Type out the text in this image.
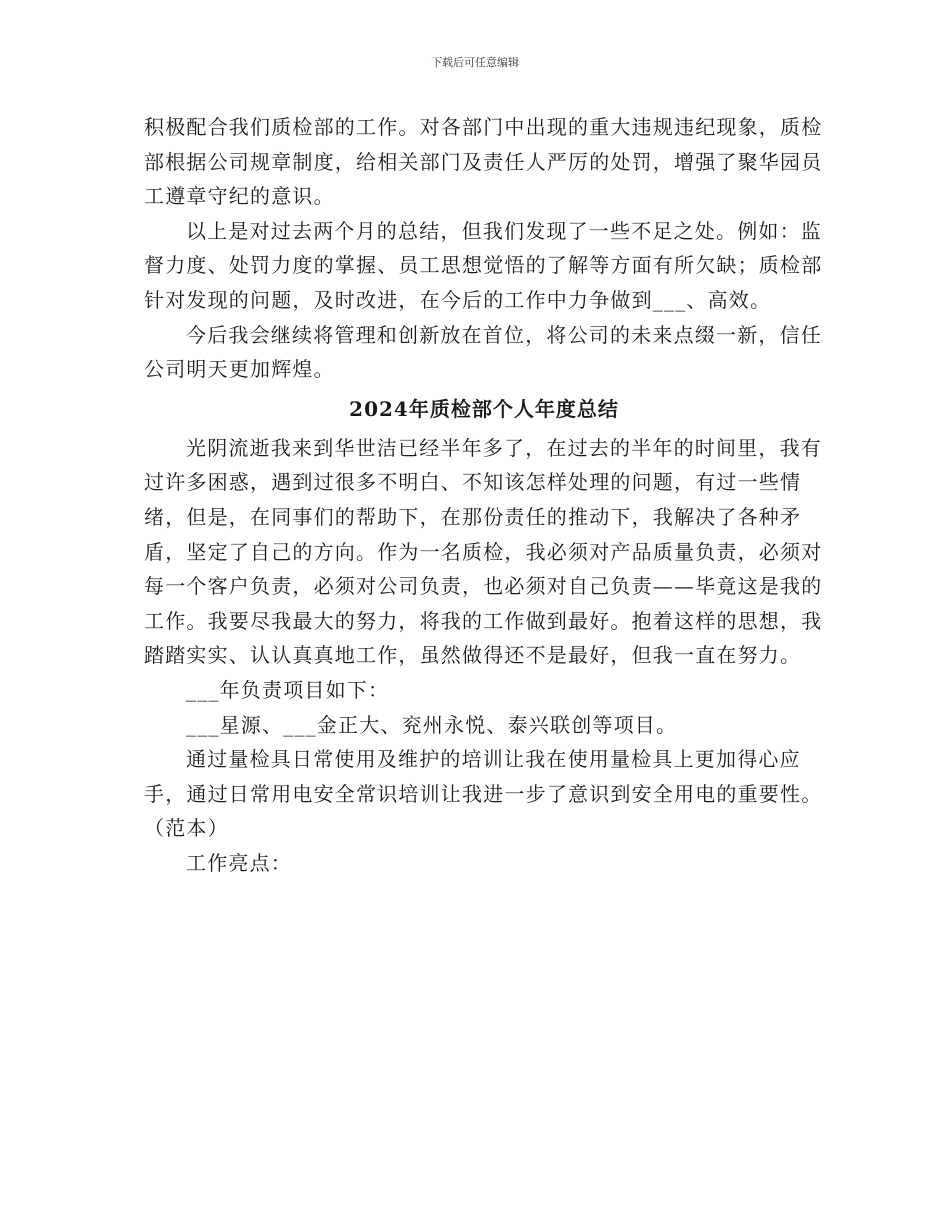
下载后可任意编辑

积极配合我们质检部的工作。对各部门中出现的重大违规违纪现象，质检部根据公司规章制度，给相关部门及责任人严厉的处罚，增强了聚华园员工遵章守纪的意识。

以上是对过去两个月的总结，但我们发现了一些不足之处。例如：监督力度、处罚力度的掌握、员工思想觉悟的了解等方面有所欠缺；质检部针对发现的问题，及时改进，在今后的工作中力争做到___、高效。

今后我会继续将管理和创新放在首位，将公司的未来点缀一新，信任公司明天更加辉煌。

2024年质检部个人年度总结

光阴流逝我来到华世洁已经半年多了，在过去的半年的时间里，我有过许多困惑，遇到过很多不明白、不知该怎样处理的问题，有过一些情绪，但是，在同事们的帮助下，在那份责任的推动下，我解决了各种矛盾，坚定了自己的方向。作为一名质检，我必须对产品质量负责，必须对每一个客户负责，必须对公司负责，也必须对自己负责——毕竟这是我的工作。我要尽我最大的努力，将我的工作做到最好。抱着这样的思想，我踏踏实实、认认真真地工作，虽然做得还不是最好，但我一直在努力。

___年负责项目如下：

___星源、___金正大、兖州永悦、泰兴联创等项目。

通过量检具日常使用及维护的培训让我在使用量检具上更加得心应手，通过日常用电安全常识培训让我进一步了意识到安全用电的重要性。（范本）

工作亮点：
